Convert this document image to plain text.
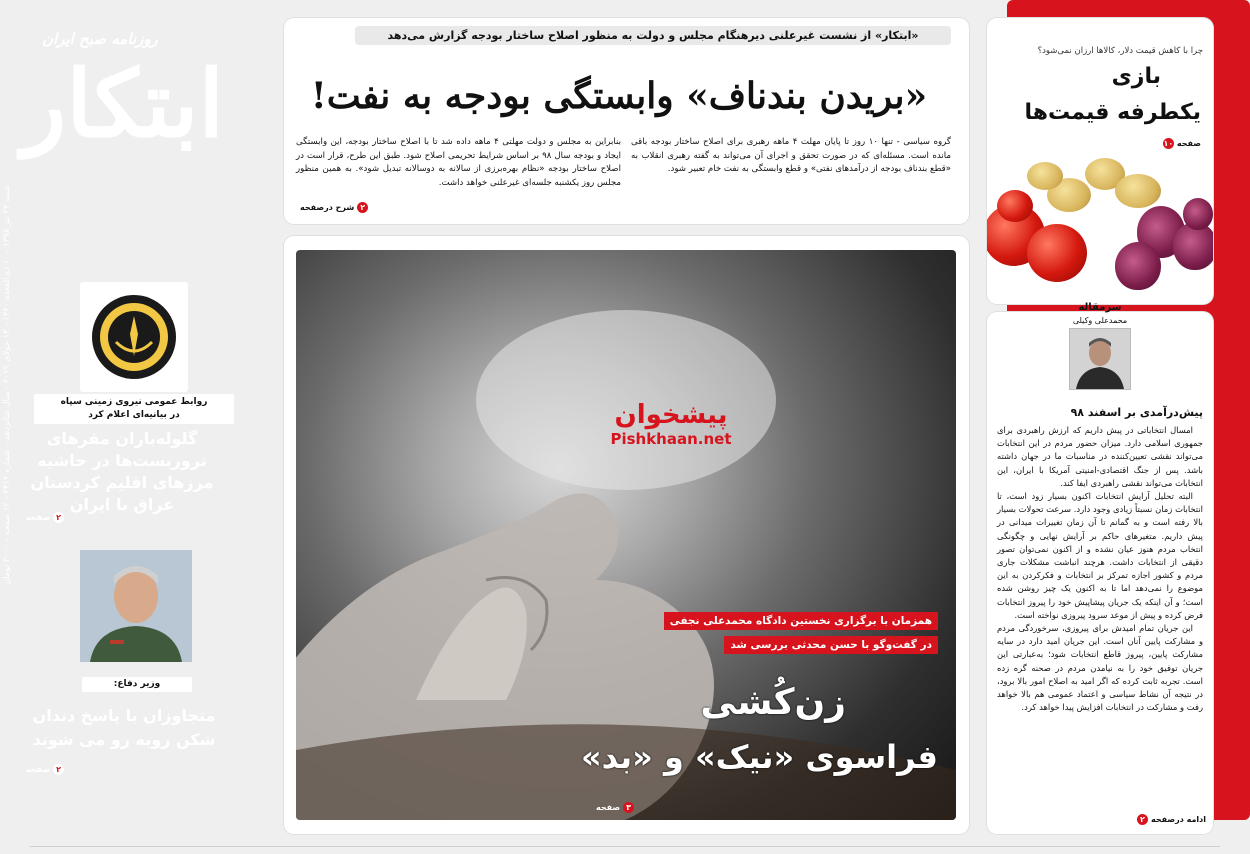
روزنامه صبح ایران
ابتکار
شنبه ۲۲ تیر ۱۳۹۸ - ۱۰ ذی‌القعده ۱۴۴۰ - ۱۳ جولای ۲۰۱۹ - سال شانزدهم - شماره ۴۳۱۲ - ۱۲ صفحه - ۲۰۰۰ تومان
روابط عمومی نیروی زمینی سپاه
در بیانیه‌ای اعلام کرد
گلوله‌باران مقرهای تروریست‌ها در حاشیه مرزهای اقلیم کردستان عراق با ایران
۲صفحه
وزیر دفاع:
متجاوزان با پاسخ دندان شکن روبه رو می شوند
۲صفحه
«ابتکار» از نشست غیرعلنی دیرهنگام مجلس و دولت به منظور اصلاح ساختار بودجه گزارش می‌دهد
«بریدن بندناف» وابستگی بودجه به نفت!
گروه سیاسی - تنها ۱۰ روز تا پایان مهلت ۴ ماهه رهبری برای اصلاح ساختار بودجه باقی مانده است. مسئله‌ای که در صورت تحقق و اجرای آن می‌تواند به گفته رهبری انقلاب به «قطع بندناف بودجه از درآمدهای نفتی» و قطع وابستگی به نفت خام تعبیر شود.
بنابراین به مجلس و دولت مهلتی ۴ ماهه داده شد تا با اصلاح ساختار بودجه، این وابستگی ایجاد و بودجه سال ۹۸ بر اساس شرایط تحریمی اصلاح شود. طبق این طرح، قرار است در اصلاح ساختار بودجه «نظام بهره‌برزی از سالانه به دوسالانه تبدیل شود». به همین منظور مجلس روز یکشنبه جلسه‌ای غیرعلنی خواهد داشت.
۲شرح درصفحه
پیشخوان
Pishkhaan.net
همزمان با برگزاری نخستین دادگاه محمدعلی نجفی
در گفت‌وگو با حسن محدثی بررسی شد
زن‌کُشی
فراسوی «نیک» و «بد»
۳صفحه
چرا با کاهش قیمت دلار، کالاها ارزان نمی‌شود؟
بازی
یکطرفه قیمت‌ها
صفحه۱۰
سرمقاله
محمدعلی وکیلی
پیش‌درآمدی بر اسفند ۹۸

امسال انتخاباتی در پیش داریم که ارزش راهبردی برای جمهوری اسلامی دارد. میزان حضور مردم در این انتخابات می‌تواند نقشی تعیین‌کننده در مناسبات ما در جهان داشته باشد. پس از جنگ اقتصادی-امنیتی آمریکا با ایران، این انتخابات می‌تواند نقشی راهبردی ایفا کند.

البته تحلیل آرایش انتخابات اکنون بسیار زود است، تا انتخابات زمان نسبتاً زیادی وجود دارد. سرعت تحولات بسیار بالا رفته است و به گمانم تا آن زمان تغییرات میدانی در پیش داریم. متغیرهای حاکم بر آرایش نهایی و چگونگی انتخاب مردم هنوز عیان نشده و از اکنون نمی‌توان تصور دقیقی از انتخابات داشت. هرچند انباشت مشکلات جاری مردم و کشور اجازه تمرکز بر انتخابات و فکرکردن به این موضوع را نمی‌دهد اما تا به اکنون یک چیز روشن شده است؛ و آن اینکه یک جریان پیشاپیش خود را پیروز انتخابات فرض کرده و پیش از موعد سرود پیروزی نواخته است.

این جریان تمام امیدش برای پیروزی، سرخوردگی مردم و مشارکت پایین آنان است. این جریان امید دارد در سایه مشارکت پایین، پیروز قاطع انتخابات شود؛ به‌عبارتی این جریان توفیق خود را به نیامدن مردم در صحنه گره زده است. تجربه ثابت کرده که اگر امید به اصلاح امور بالا برود، در نتیجه آن نشاط سیاسی و اعتماد عمومی هم بالا خواهد رفت و مشارکت در انتخابات افزایش پیدا خواهد کرد.

ادامه درصفحه۲
